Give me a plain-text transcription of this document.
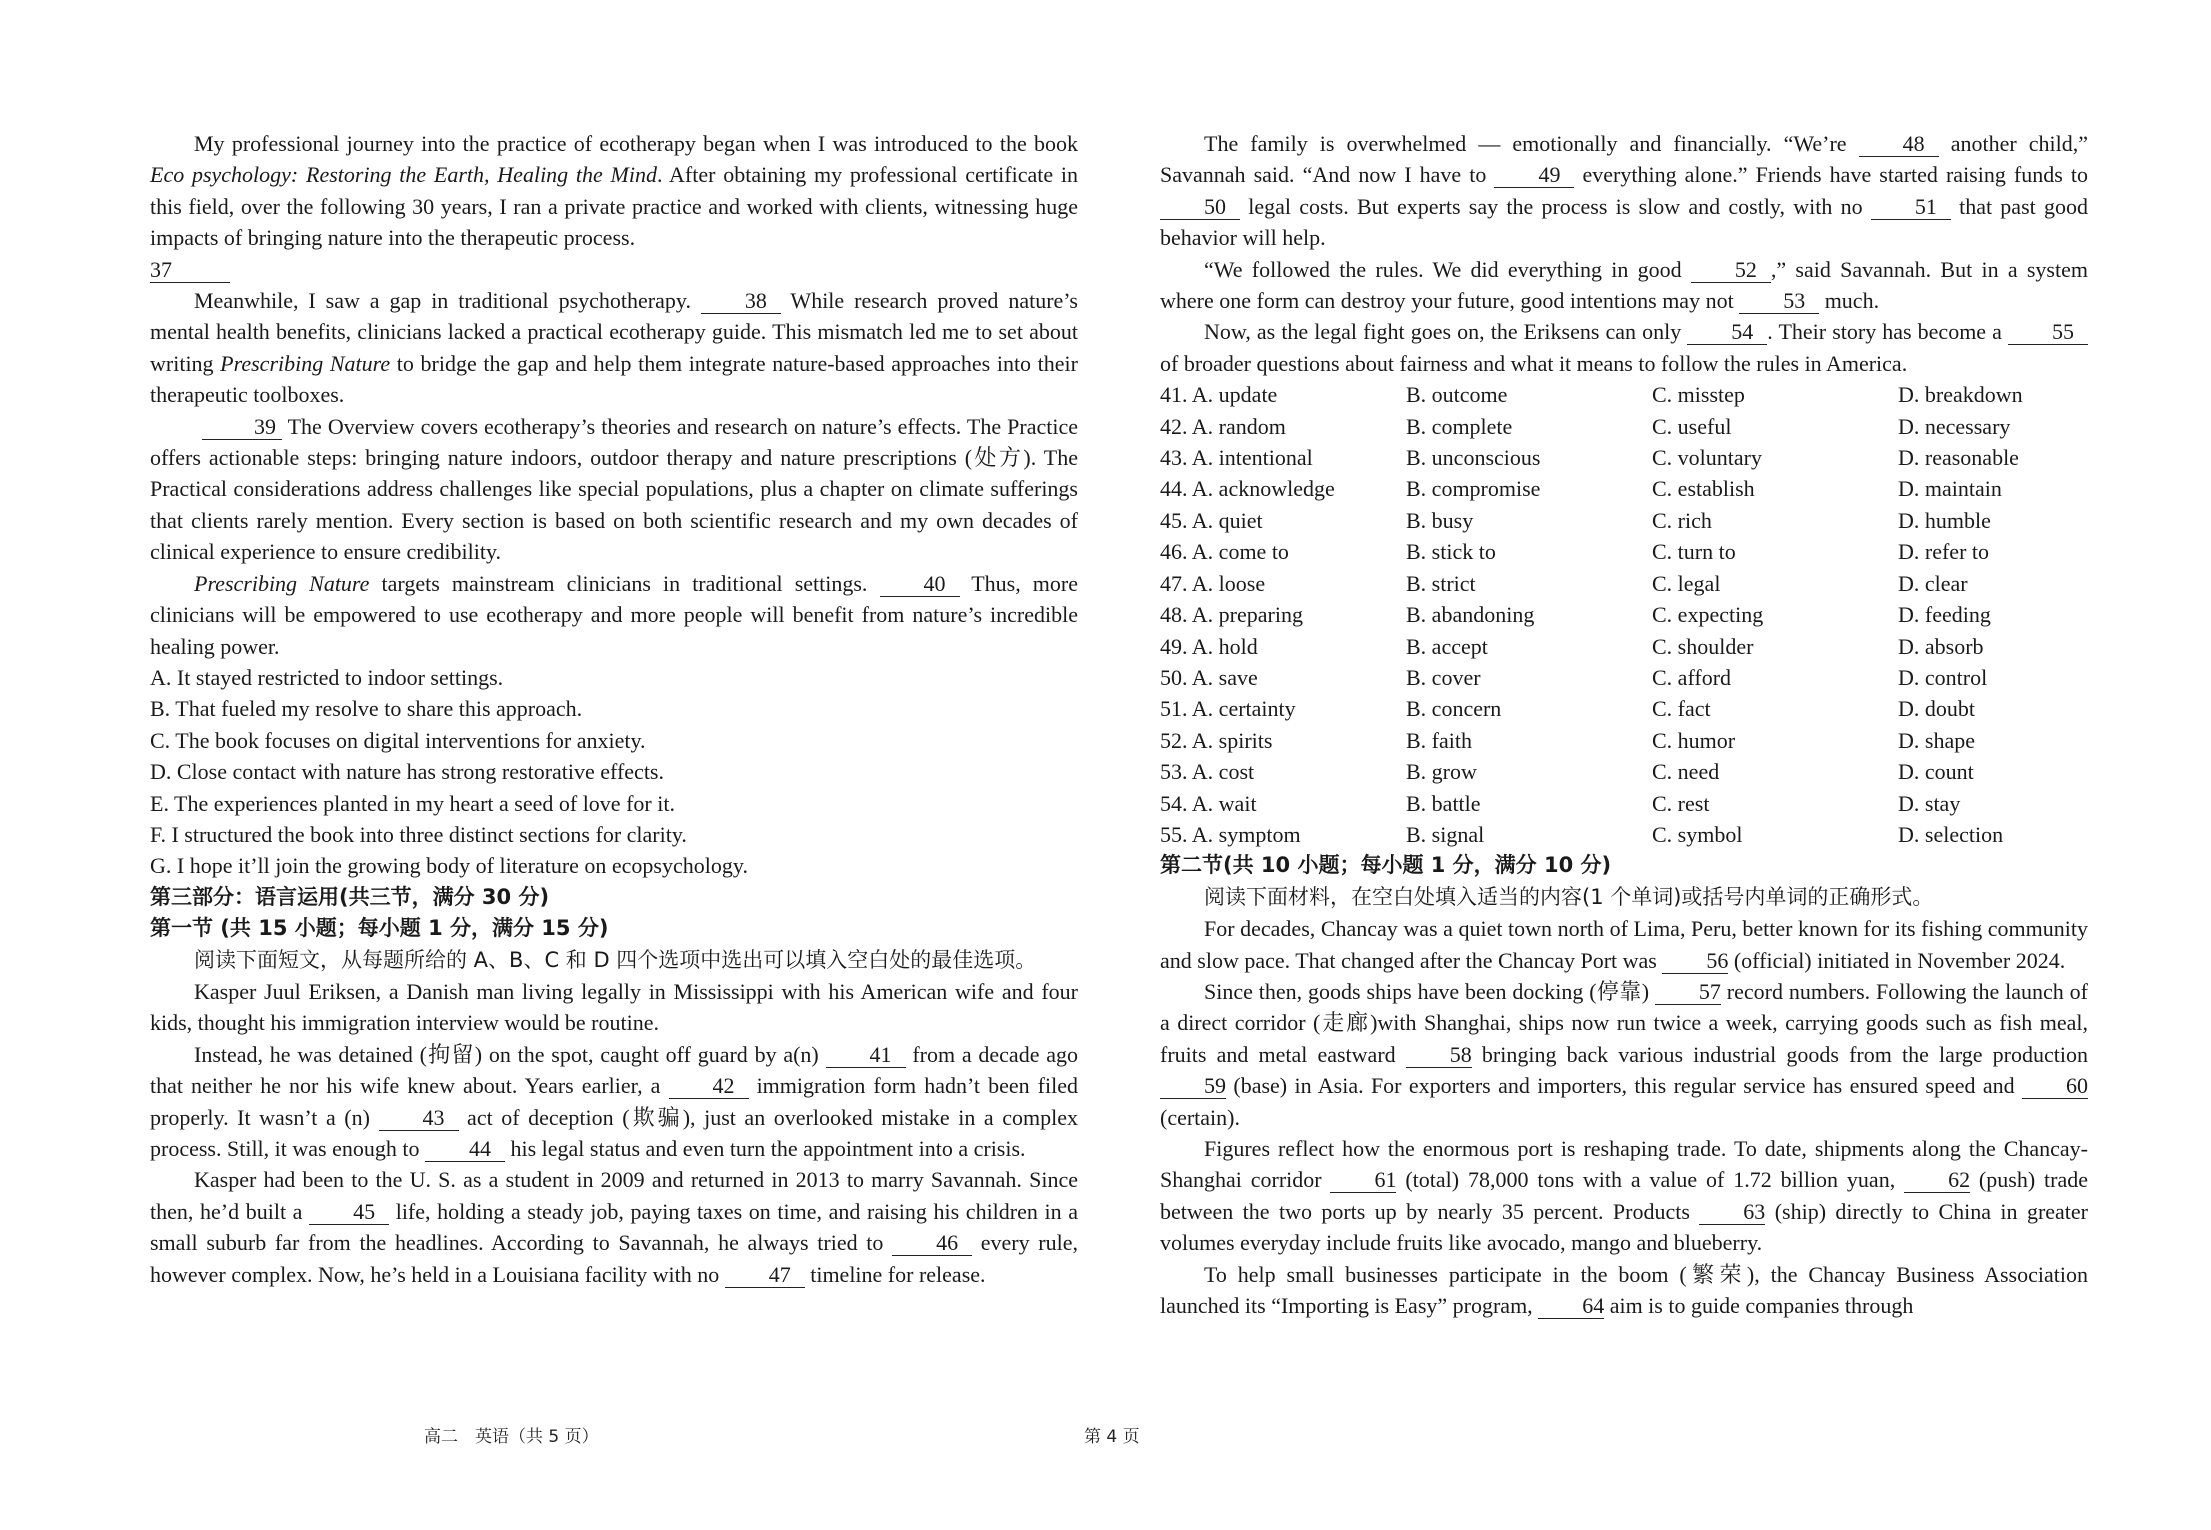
My professional journey into the practice of ecotherapy began when I was introduced to the book Eco psychology: Restoring the Earth, Healing the Mind. After obtaining my professional certificate in this field, over the following 30 years, I ran a private practice and worked with clients, witnessing huge impacts of bringing nature into the therapeutic process.

37

Meanwhile, I saw a gap in traditional psychotherapy. 38 While research proved nature’s mental health benefits, clinicians lacked a practical ecotherapy guide. This mismatch led me to set about writing Prescribing Nature to bridge the gap and help them integrate nature-based approaches into their therapeutic toolboxes.

39 The Overview covers ecotherapy’s theories and research on nature’s effects. The Practice offers actionable steps: bringing nature indoors, outdoor therapy and nature prescriptions (处方). The Practical considerations address challenges like special populations, plus a chapter on climate sufferings that clients rarely mention. Every section is based on both scientific research and my own decades of clinical experience to ensure credibility.

Prescribing Nature targets mainstream clinicians in traditional settings. 40 Thus, more clinicians will be empowered to use ecotherapy and more people will benefit from nature’s incredible healing power.

A. It stayed restricted to indoor settings.

B. That fueled my resolve to share this approach.

C. The book focuses on digital interventions for anxiety.

D. Close contact with nature has strong restorative effects.

E. The experiences planted in my heart a seed of love for it.

F. I structured the book into three distinct sections for clarity.

G. I hope it’ll join the growing body of literature on ecopsychology.

第三部分：语言运用(共三节，满分 30 分)

第一节 (共 15 小题；每小题 1 分，满分 15 分)

阅读下面短文，从每题所给的 A、B、C 和 D 四个选项中选出可以填入空白处的最佳选项。

Kasper Juul Eriksen, a Danish man living legally in Mississippi with his American wife and four kids, thought his immigration interview would be routine.

Instead, he was detained (拘留) on the spot, caught off guard by a(n) 41 from a decade ago that neither he nor his wife knew about. Years earlier, a 42 immigration form hadn’t been filed properly. It wasn’t a (n) 43 act of deception (欺骗), just an overlooked mistake in a complex process. Still, it was enough to 44 his legal status and even turn the appointment into a crisis.

Kasper had been to the U. S. as a student in 2009 and returned in 2013 to marry Savannah. Since then, he’d built a 45 life, holding a steady job, paying taxes on time, and raising his children in a small suburb far from the headlines. According to Savannah, he always tried to 46 every rule, however complex. Now, he’s held in a Louisiana facility with no 47 timeline for release.

The family is overwhelmed — emotionally and financially. “We’re 48 another child,” Savannah said. “And now I have to 49 everything alone.” Friends have started raising funds to 50 legal costs. But experts say the process is slow and costly, with no 51 that past good behavior will help.

“We followed the rules. We did everything in good 52 ,” said Savannah. But in a system where one form can destroy your future, good intentions may not 53 much.

Now, as the legal fight goes on, the Eriksens can only 54 . Their story has become a 55 of broader questions about fairness and what it means to follow the rules in America.

41. A. update	B. outcome	C. misstep	D. breakdown
42. A. random	B. complete	C. useful	D. necessary
43. A. intentional	B. unconscious	C. voluntary	D. reasonable
44. A. acknowledge	B. compromise	C. establish	D. maintain
45. A. quiet	B. busy	C. rich	D. humble
46. A. come to	B. stick to	C. turn to	D. refer to
47. A. loose	B. strict	C. legal	D. clear
48. A. preparing	B. abandoning	C. expecting	D. feeding
49. A. hold	B. accept	C. shoulder	D. absorb
50. A. save	B. cover	C. afford	D. control
51. A. certainty	B. concern	C. fact	D. doubt
52. A. spirits	B. faith	C. humor	D. shape
53. A. cost	B. grow	C. need	D. count
54. A. wait	B. battle	C. rest	D. stay
55. A. symptom	B. signal	C. symbol	D. selection

第二节(共 10 小题；每小题 1 分，满分 10 分)

阅读下面材料，在空白处填入适当的内容(1 个单词)或括号内单词的正确形式。

For decades, Chancay was a quiet town north of Lima, Peru, better known for its fishing community and slow pace. That changed after the Chancay Port was 56 (official) initiated in November 2024.

Since then, goods ships have been docking (停靠) 57 record numbers. Following the launch of a direct corridor (走廊)with Shanghai, ships now run twice a week, carrying goods such as fish meal, fruits and metal eastward 58 bringing back various industrial goods from the large production 59 (base) in Asia. For exporters and importers, this regular service has ensured speed and 60 (certain).

Figures reflect how the enormous port is reshaping trade. To date, shipments along the Chancay-Shanghai corridor 61 (total) 78,000 tons with a value of 1.72 billion yuan, 62 (push) trade between the two ports up by nearly 35 percent. Products 63 (ship) directly to China in greater volumes everyday include fruits like avocado, mango and blueberry.

To help small businesses participate in the boom (繁荣), the Chancay Business Association launched its “Importing is Easy” program, 64 aim is to guide companies through

高二　英语（共 5 页）	第 4 页
